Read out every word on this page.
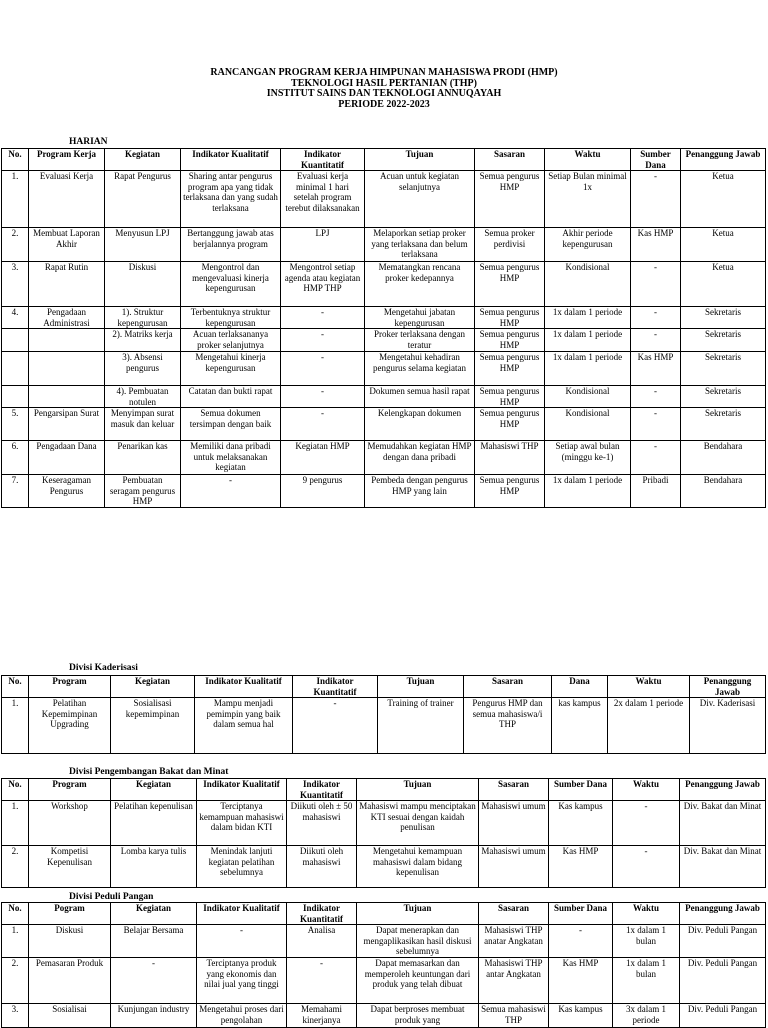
RANCANGAN PROGRAM KERJA HIMPUNAN MAHASISWA PRODI (HMP)
TEKNOLOGI HASIL PERTANIAN (THP)
INSTITUT SAINS DAN TEKNOLOGI ANNUQAYAH
PERIODE 2022-2023
HARIAN
No.	Program Kerja	Kegiatan	Indikator Kualitatif	Indikator Kuantitatif	Tujuan	Sasaran	Waktu	Sumber Dana	Penanggung Jawab
1.	Evaluasi Kerja	Rapat Pengurus	Sharing antar pengurus program apa yang tidak terlaksana dan yang sudah terlaksana	Evaluasi kerja minimal 1 hari setelah program terebut dilaksanakan	Acuan untuk kegiatan selanjutnya	Semua pengurus HMP	Setiap Bulan minimal 1x	-	Ketua
2.	Membuat Laporan Akhir	Menyusun LPJ	Bertanggung jawab atas berjalannya program	LPJ	Melaporkan setiap proker yang terlaksana dan belum terlaksana	Semua proker perdivisi	Akhir periode kepengurusan	Kas HMP	Ketua
3.	Rapat Rutin	Diskusi	Mengontrol dan mengevaluasi kinerja kepengurusan	Mengontrol setiap agenda atau kegiatan HMP THP	Mematangkan rencana proker kedepannya	Semua pengurus HMP	Kondisional	-	Ketua
4.	Pengadaan Administrasi	1). Struktur kepengurusan	Terbentuknya struktur kepengurusan	-	Mengetahui jabatan kepengurusan	Semua pengurus HMP	1x dalam 1 periode	-	Sekretaris
		2). Matriks kerja	Acuan terlaksananya proker selanjutnya	-	Proker terlaksana dengan teratur	Semua pengurus HMP	1x dalam 1 periode	-	Sekretaris
		3). Absensi pengurus	Mengetahui kinerja kepengurusan	-	Mengetahui kehadiran pengurus selama kegiatan	Semua pengurus HMP	1x dalam 1 periode	Kas HMP	Sekretaris
		4). Pembuatan notulen	Catatan dan bukti rapat	-	Dokumen semua hasil rapat	Semua pengurus HMP	Kondisional	-	Sekretaris
5.	Pengarsipan Surat	Menyimpan surat masuk dan keluar	Semua dokumen tersimpan dengan baik	-	Kelengkapan dokumen	Semua pengurus HMP	Kondisional	-	Sekretaris
6.	Pengadaan Dana	Penarikan kas	Memiliki dana pribadi untuk melaksanakan kegiatan	Kegiatan HMP	Memudahkan kegiatan HMP dengan dana pribadi	Mahasiswi THP	Setiap awal bulan (minggu ke-1)	-	Bendahara
7.	Keseragaman Pengurus	Pembuatan seragam pengurus HMP	-	9 pengurus	Pembeda dengan pengurus HMP yang lain	Semua pengurus HMP	1x dalam 1 periode	Pribadi	Bendahara
Divisi Kaderisasi
No.	Program	Kegiatan	Indikator Kualitatif	Indikator Kuantitatif	Tujuan	Sasaran	Dana	Waktu	Penanggung Jawab
1.	Pelatihan Kepemimpinan Upgrading	Sosialisasi kepemimpinan	Mampu menjadi pemimpin yang baik dalam semua hal	-	Training of trainer	Pengurus HMP dan semua mahasiswa/i THP	kas kampus	2x dalam 1 periode	Div. Kaderisasi
Divisi Pengembangan Bakat dan Minat
No.	Program	Kegiatan	Indikator Kualitatif	Indikator Kuantitatif	Tujuan	Sasaran	Sumber Dana	Waktu	Penanggung Jawab
1.	Workshop	Pelatihan kepenulisan	Terciptanya kemampuan mahasiswi dalam bidan KTI	Diikuti oleh ± 50 mahasiswi	Mahasiswi mampu menciptakan KTI sesuai dengan kaidah penulisan	Mahasiswi umum	Kas kampus	-	Div. Bakat dan Minat
2.	Kompetisi Kepenulisan	Lomba karya tulis	Menindak lanjuti kegiatan pelatihan sebelumnya	Diikuti oleh mahasiswi	Mengetahui kemampuan mahasiswi dalam bidang kepenulisan	Mahasiswi umum	Kas HMP	-	Div. Bakat dan Minat
Divisi Peduli Pangan
No.	Pogram	Kegiatan	Indikator Kualitatif	Indikator Kuantitatif	Tujuan	Sasaran	Sumber Dana	Waktu	Penanggung Jawab
1.	Diskusi	Belajar Bersama	-	Analisa	Dapat menerapkan dan mengaplikasikan hasil diskusi sebelumnya	Mahasiswi THP anatar Angkatan	-	1x dalam 1 bulan	Div. Peduli Pangan
2.	Pemasaran Produk	-	Terciptanya produk yang ekonomis dan nilai jual yang tinggi	-	Dapat memasarkan dan memperoleh keuntungan dari produk yang telah dibuat	Mahasiswi THP antar Angkatan	Kas HMP	1x dalam 1 bulan	Div. Peduli Pangan
3.	Sosialisai	Kunjungan industry	Mengetahui proses dari pengolahan	Memahami kinerjanya	Dapat berproses membuat produk yang	Semua mahasiswi THP	Kas kampus	3x dalam 1 periode	Div. Peduli Pangan
